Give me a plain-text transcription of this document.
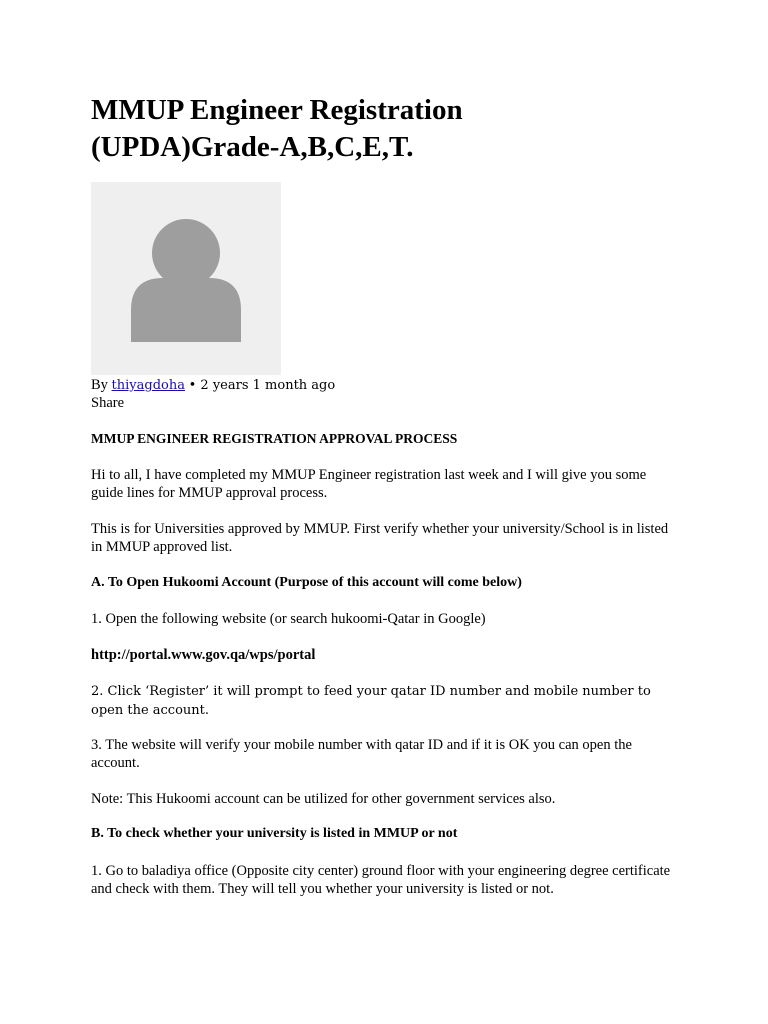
MMUP Engineer Registration
(UPDA)Grade-A,B,C,E,T.

By thiyagdoha • 2 years 1 month ago

Share

MMUP ENGINEER REGISTRATION APPROVAL PROCESS

Hi to all, I have completed my MMUP Engineer registration last week and I will give you some guide lines for MMUP approval process.

This is for Universities approved by MMUP. First verify whether your university/School is in listed in MMUP approved list.

A. To Open Hukoomi Account (Purpose of this account will come below)

1. Open the following website (or search hukoomi-Qatar in Google)

http://portal.www.gov.qa/wps/portal

2. Click ‘Register’ it will prompt to feed your qatar ID number and mobile number to open the account.

3. The website will verify your mobile number with qatar ID and if it is OK you can open the account.

Note: This Hukoomi account can be utilized for other government services also.

B. To check whether your university is listed in MMUP or not

1. Go to baladiya office (Opposite city center) ground floor with your engineering degree certificate and check with them. They will tell you whether your university is listed or not.
